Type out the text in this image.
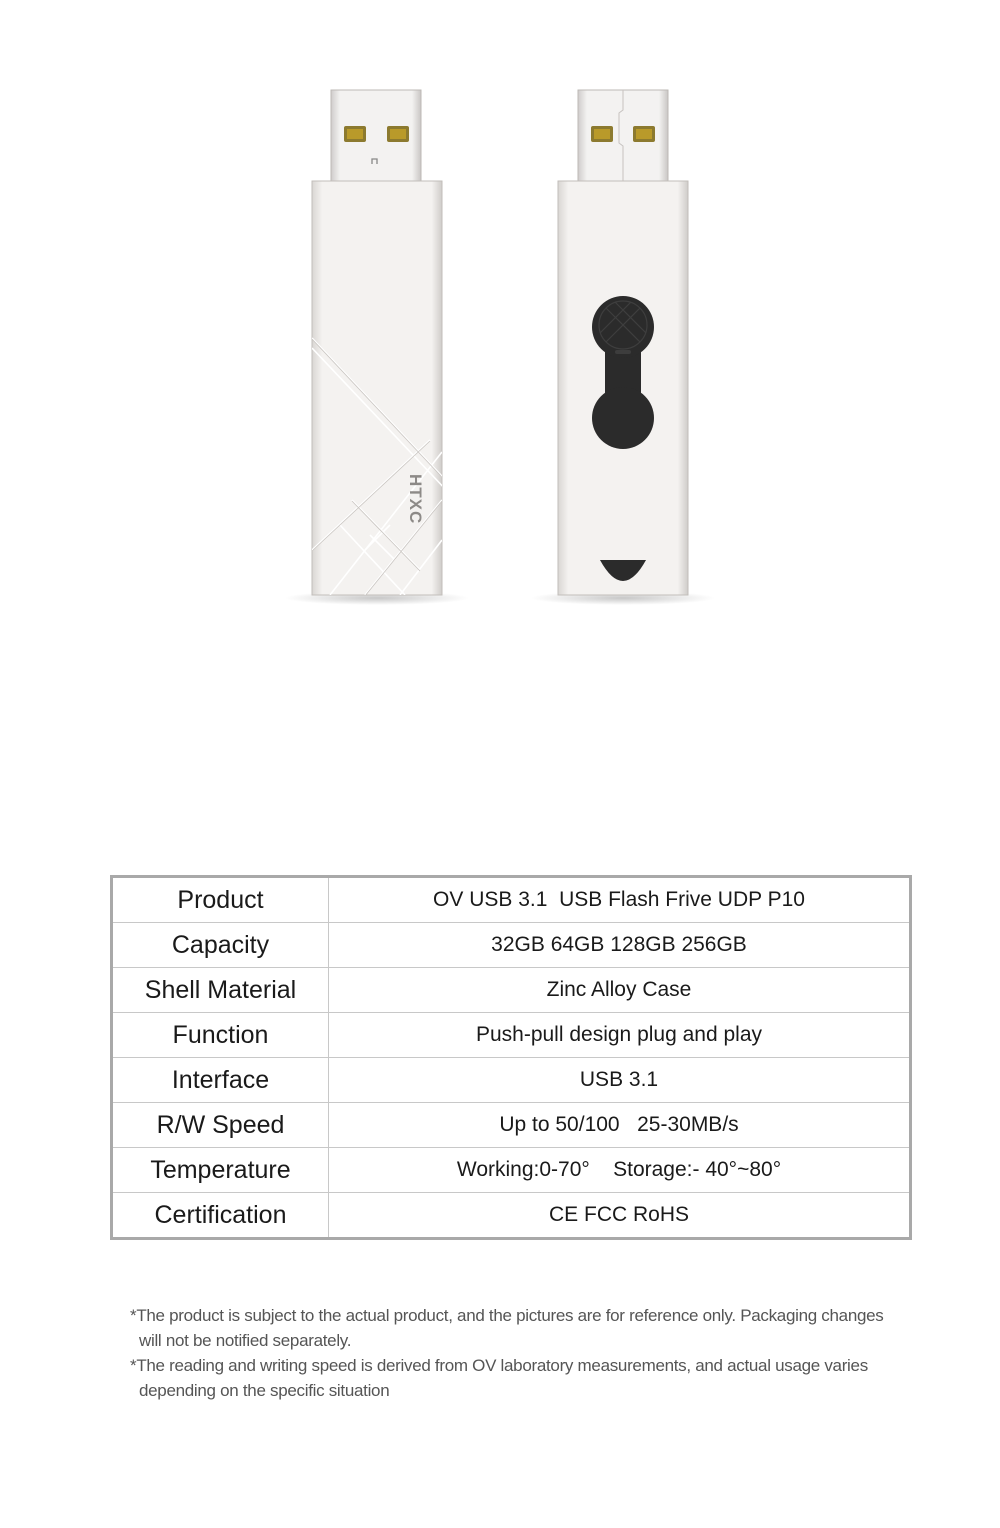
HTXC
Product	OV USB 3.1  USB Flash Frive UDP P10
Capacity	32GB 64GB 128GB 256GB
Shell Material	Zinc Alloy Case
Function	Push-pull design plug and play
Interface	USB 3.1
R/W Speed	Up to 50/100   25-30MB/s
Temperature	Working:0-70°    Storage:- 40°~80°
Certification	CE FCC RoHS

*The product is subject to the actual product, and the pictures are for reference only. Packaging changes will not be notified separately.

*The reading and writing speed is derived from OV laboratory measurements, and actual usage varies depending on the specific situation
